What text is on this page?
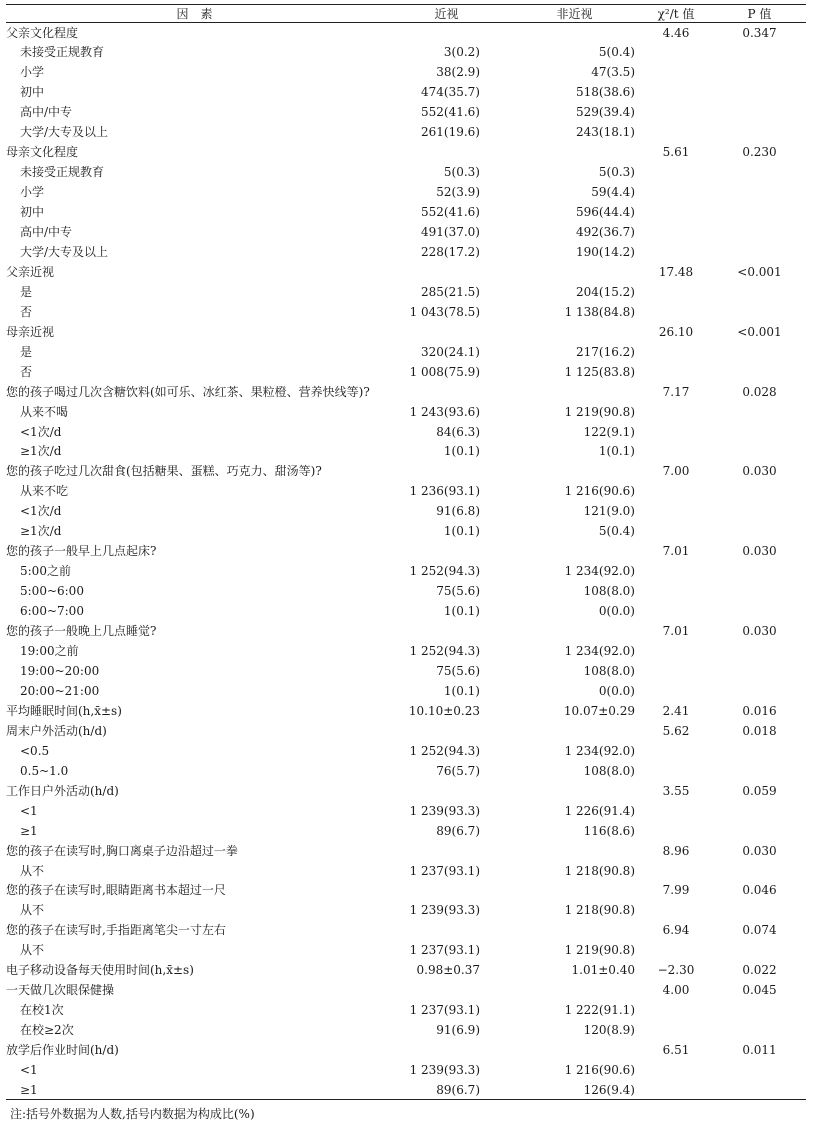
因　素	近视	非近视	χ²/t 值	P 值
父亲文化程度			4.46	0.347
未接受正规教育	3(0.2)	5(0.4)		
小学	38(2.9)	47(3.5)		
初中	474(35.7)	518(38.6)		
高中/中专	552(41.6)	529(39.4)		
大学/大专及以上	261(19.6)	243(18.1)		
母亲文化程度			5.61	0.230
未接受正规教育	5(0.3)	5(0.3)		
小学	52(3.9)	59(4.4)		
初中	552(41.6)	596(44.4)		
高中/中专	491(37.0)	492(36.7)		
大学/大专及以上	228(17.2)	190(14.2)		
父亲近视			17.48	<0.001
是	285(21.5)	204(15.2)		
否	1 043(78.5)	1 138(84.8)		
母亲近视			26.10	<0.001
是	320(24.1)	217(16.2)		
否	1 008(75.9)	1 125(83.8)		
您的孩子喝过几次含糖饮料(如可乐、冰红茶、果粒橙、营养快线等)?			7.17	0.028
从来不喝	1 243(93.6)	1 219(90.8)		
<1次/d	84(6.3)	122(9.1)		
≥1次/d	1(0.1)	1(0.1)		
您的孩子吃过几次甜食(包括糖果、蛋糕、巧克力、甜汤等)?			7.00	0.030
从来不吃	1 236(93.1)	1 216(90.6)		
<1次/d	91(6.8)	121(9.0)		
≥1次/d	1(0.1)	5(0.4)		
您的孩子一般早上几点起床?			7.01	0.030
5:00之前	1 252(94.3)	1 234(92.0)		
5:00~6:00	75(5.6)	108(8.0)		
6:00~7:00	1(0.1)	0(0.0)		
您的孩子一般晚上几点睡觉?			7.01	0.030
19:00之前	1 252(94.3)	1 234(92.0)		
19:00~20:00	75(5.6)	108(8.0)		
20:00~21:00	1(0.1)	0(0.0)		
平均睡眠时间(h,x̄±s)	10.10±0.23	10.07±0.29	2.41	0.016
周末户外活动(h/d)			5.62	0.018
<0.5	1 252(94.3)	1 234(92.0)		
0.5~1.0	76(5.7)	108(8.0)		
工作日户外活动(h/d)			3.55	0.059
<1	1 239(93.3)	1 226(91.4)		
≥1	89(6.7)	116(8.6)		
您的孩子在读写时,胸口离桌子边沿超过一拳			8.96	0.030
从不	1 237(93.1)	1 218(90.8)		
您的孩子在读写时,眼睛距离书本超过一尺			7.99	0.046
从不	1 239(93.3)	1 218(90.8)		
您的孩子在读写时,手指距离笔尖一寸左右			6.94	0.074
从不	1 237(93.1)	1 219(90.8)		
电子移动设备每天使用时间(h,x̄±s)	0.98±0.37	1.01±0.40	−2.30	0.022
一天做几次眼保健操			4.00	0.045
在校1次	1 237(93.1)	1 222(91.1)		
在校≥2次	91(6.9)	120(8.9)		
放学后作业时间(h/d)			6.51	0.011
<1	1 239(93.3)	1 216(90.6)		
≥1	89(6.7)	126(9.4)		
注:括号外数据为人数,括号内数据为构成比(%)
